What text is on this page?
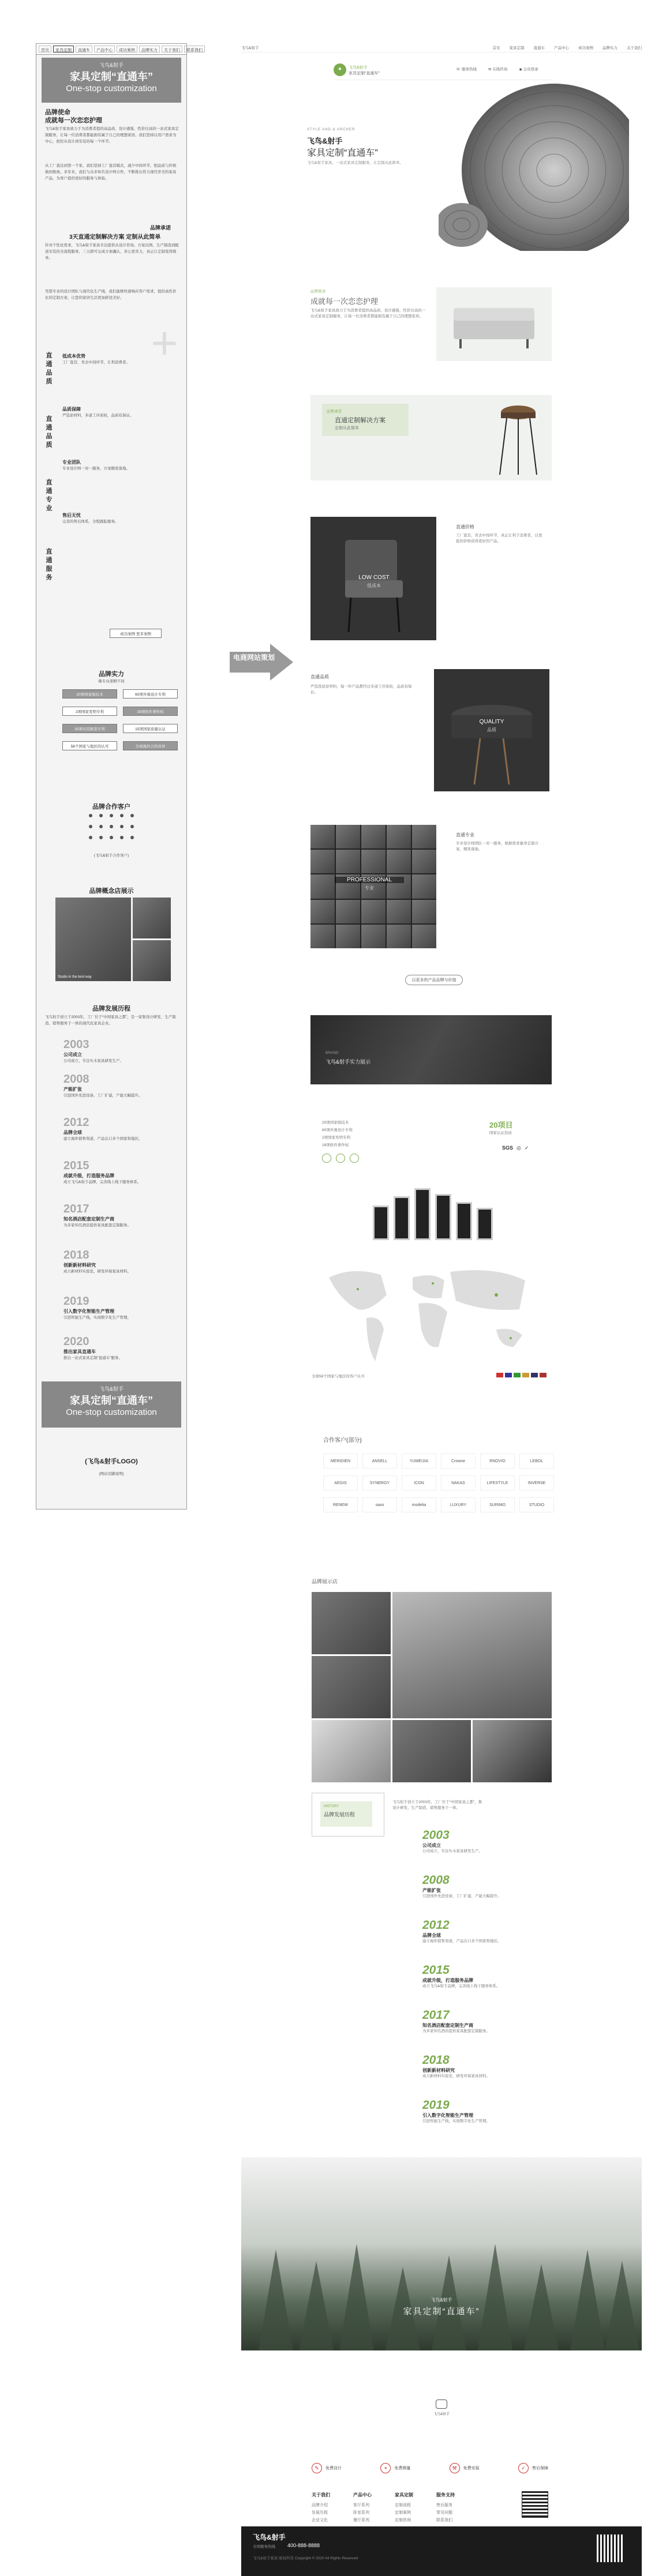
首页	家具定制	直通车	产品中心	成功案例	品牌实力	关于我们	联系我们
飞鸟&射手
家具定制“直通车”
One-stop customization
品牌使命
成就每一次恋恋护理
飞鸟&射手家具致力于为消费者提供高品质、设计感强、性价比高的一站式家具定制服务，让每一位消费者都能拥有属于自己的理想家居。我们坚持以用户需求为中心，把控从设计到安装的每一个环节。
从工厂直达到第一个家，我们坚持工厂直营模式，减少中间环节，把品质与价格做到极致。多年来，我们与众多知名设计师合作，不断推出符合现代审美的家具产品，为客户提供更好的服务与体验。
品牌承诺
3天直通定制解决方案 定制从此简单
针对个性化需求，飞鸟&射手家具专注提供从设计咨询、方案出图、生产制造到配送安装的全流程服务，三天即可完成方案确认，省心更省力，真正让定制变得简单。
凭借专业的设计团队与现代化生产线，我们能够快速响应客户需求，提供高性价比的定制方案，让您的家居生活更加舒适美好。
+
直通品质
直通品质
直通专业
直通服务
低成本优势
工厂直营，省去中间环节，让利消费者。
品质保障
严选原材料，多道工序质检，品质有保证。
专业团队
专业设计师一对一服务，方案精准落地。
售后无忧
完善的售后体系，全程跟踪服务。
成功案例 更多案例
品牌实力
佛专业深耕不同
20项国家级技术	60项外观设计专利
2项国家发明专利	18项软件著作权
30项实用新型专利	15项国家质量认证
58个国家与地区的认可	全球海外合作伙伴
品牌合作客户
(飞鸟&射手合作客户)
品牌概念店展示
Studio in the best way
品牌发展历程
飞鸟射手创立于2003年，工厂位于“中国家具之都”，是一家集设计研发、生产制造、销售服务于一体的现代化家具企业。
2003
公司成立
公司成立，专注实木家具研发生产。
2008
产能扩张
引进国外先进设备，工厂扩建，产能大幅提升。
2012
品牌全球
建立海外销售渠道，产品出口多个国家和地区。
2015
成就升级，打造服务品牌
成立飞鸟&射手品牌，完善线上线下服务体系。
2017
知名酒店配套定制生产商
为多家知名酒店提供家具配套定制服务。
2018
创新新材料研究
成立新材料实验室，研发环保家具材料。
2019
引入数字化智能生产管理
引进智能生产线，实现数字化生产管理。
2020
推出家具直通车
推出一站式家具定制“直通车”服务。
飞鸟&射手
家具定制“直通车”
One-stop customization
(飞鸟&射手LOGO)
(网站页脚说明)
电商网站策划
飞鸟&射手	首页 家具定制 直通车 产品中心 成功案例 品牌实力 关于我们
✦	飞鸟&射手
家具定制“直通车”
☏ 服务热线	✉ 在线咨询	◉ 会员登录
STYLE AND & ARCHER
飞鸟&射手
家具定制“直通车”
飞鸟&射手家具，一站式家具定制服务，让定制从此简单。
品牌使命
成就每一次恋恋护理
飞鸟&射手家具致力于为消费者提供高品质、设计感强、性价比高的一站式家具定制服务，让每一位消费者都能拥有属于自己的理想家居。
品牌承诺
直通定制解决方案
定制从此简单
LOW COST
低成本
直通价格
工厂直营，省去中间环节，真正让利于消费者，以更低的价格获得更好的产品。
直通品质
严选优质原材料，每一件产品都经过多道工序质检，品质有保证。
QUALITY
品质
PROFESSIONAL
专业
直通专业
专业设计师团队一对一服务，根据需求量身定制方案，精准落地。
以更多的产品品牌与价值
BRAND
飞鸟&射手实力展示
20项国家级技术
60项外观设计专利
2项国家发明专利
18项软件著作权
20项目
国家认证资质
SGS ◎ ✓
全球58个国家与地区的客户认可
合作客户(部分)
MERIDIEN	ANSELL	YUMEIJIA	Crowne	RNOVIO	LEBOL
AEGIS	SYNERGY	ICON	NAKAS	LIFESTYLE	INVERSE
RENEW	saxo	modelia	LUXURY	SURIMO	STUDIO
品牌展示店
HISTORY
品牌发展历程
飞鸟射手创立于2003年，工厂位于“中国家具之都”，集设计研发、生产制造、销售服务于一体。
2003
公司成立
公司成立，专注实木家具研发生产。
2008
产能扩张
引进国外先进设备，工厂扩建，产能大幅提升。
2012
品牌全球
建立海外销售渠道，产品出口多个国家和地区。
2015
成就升级，打造服务品牌
成立飞鸟&射手品牌，完善线上线下服务体系。
2017
知名酒店配套定制生产商
为多家知名酒店提供家具配套定制服务。
2018
创新新材料研究
成立新材料实验室，研发环保家具材料。
2019
引入数字化智能生产管理
引进智能生产线，实现数字化生产管理。
飞鸟&射手
家具定制“直通车”
飞鸟&射手
✎	免费设计	⌖	免费测量	⚒	免费安装	✓	售后保障
关于我们
品牌介绍
发展历程
企业文化
产品中心
客厅系列
卧室系列
餐厅系列
家具定制
定制流程
定制案例
定制咨询
服务支持
售后服务
常见问题
联系我们
飞鸟&射手
全国服务热线 400-888-8888
飞鸟&射手家具 版权所有 Copyright © 2020 All Rights Reserved
